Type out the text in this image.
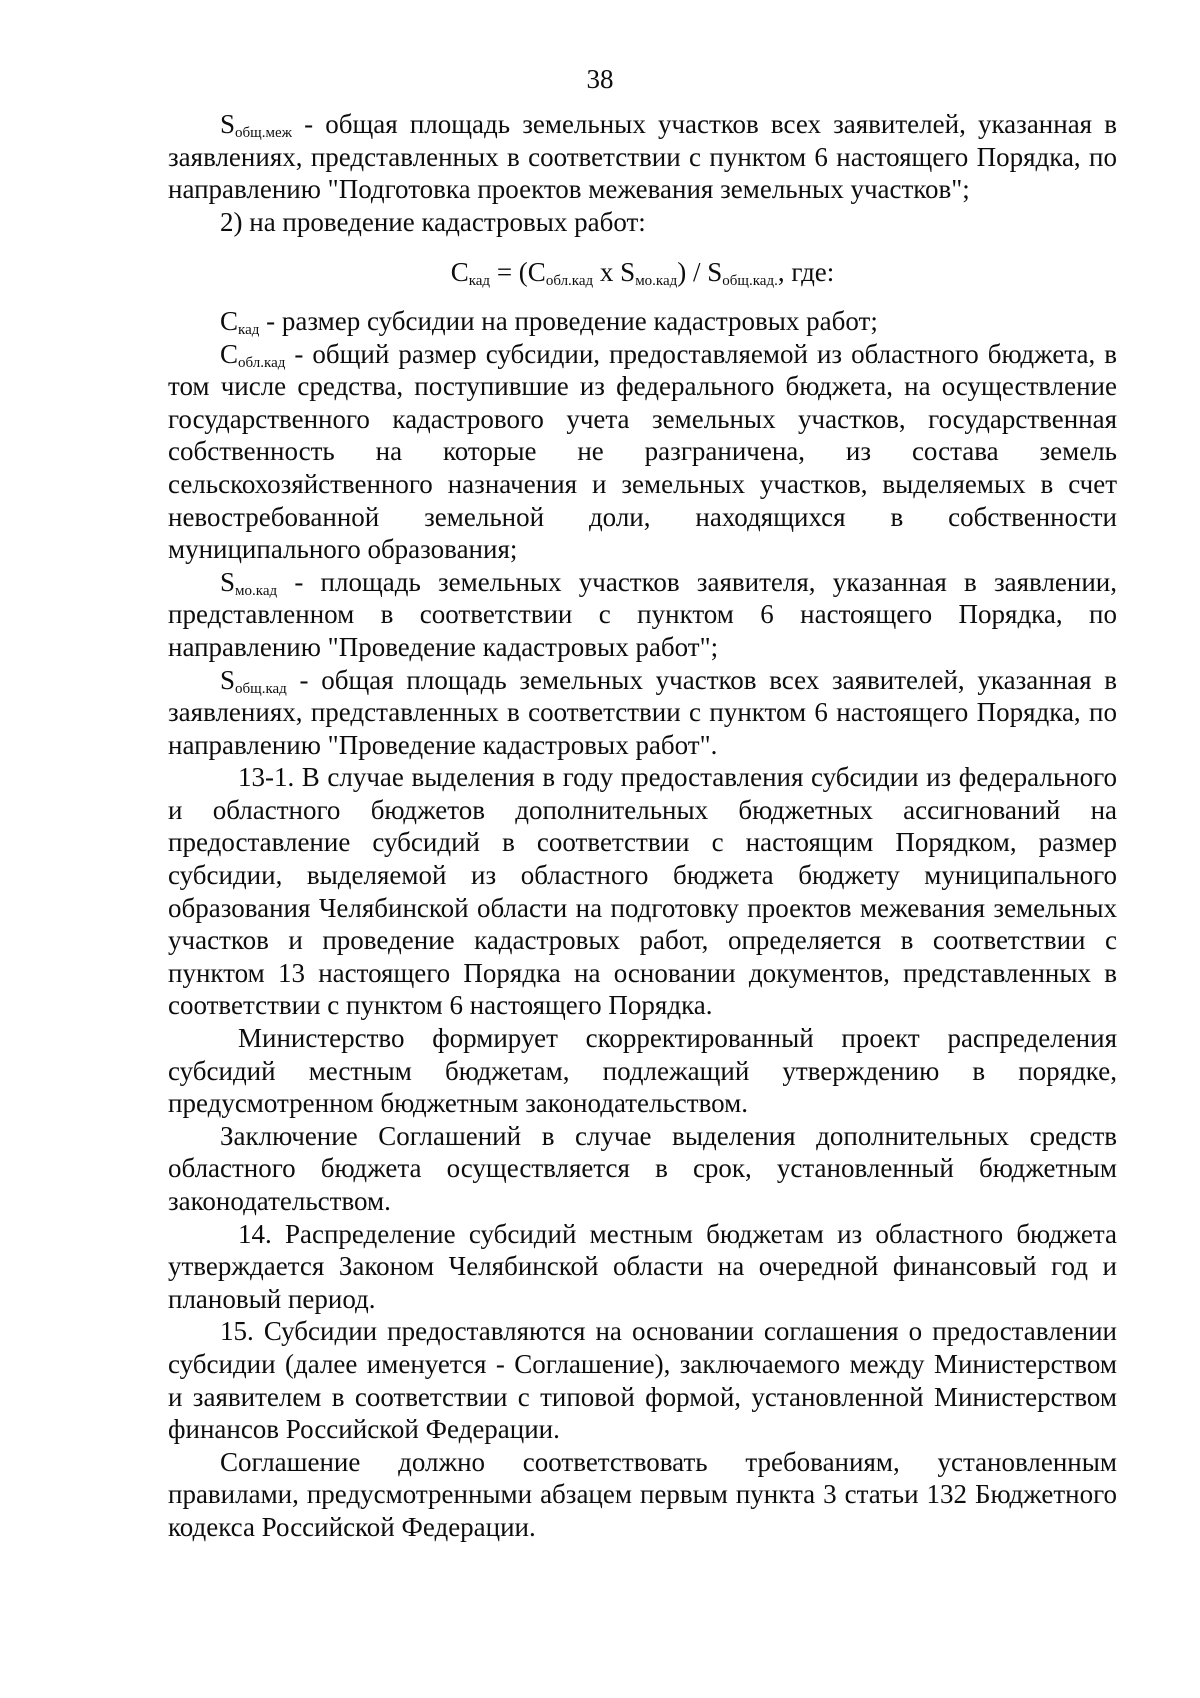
38

$S_{общ.меж}$ - общая площадь земельных участков всех заявителей, указанная в заявлениях, представленных в соответствии с пунктом 6 настоящего Порядка, по направлению "Подготовка проектов межевания земельных участков";

2) на проведение кадастровых работ:

$С_{кад} = (С_{обл.кад}$ х $S_{мо.кад}) / S_{общ.кад.}$, где:

$С_{кад}$ - размер субсидии на проведение кадастровых работ;

$С_{обл.кад}$ - общий размер субсидии, предоставляемой из областного бюджета, в том числе средства, поступившие из федерального бюджета, на осуществление государственного кадастрового учета земельных участков, государственная собственность на которые не разграничена, из состава земель сельскохозяйственного назначения и земельных участков, выделяемых в счет невостребованной земельной доли, находящихся в собственности муниципального образования;

$S_{мо.кад}$ - площадь земельных участков заявителя, указанная в заявлении, представленном в соответствии с пунктом 6 настоящего Порядка, по направлению "Проведение кадастровых работ";

$S_{общ.кад}$ - общая площадь земельных участков всех заявителей, указанная в заявлениях, представленных в соответствии с пунктом 6 настоящего Порядка, по направлению "Проведение кадастровых работ".

13-1. В случае выделения в году предоставления субсидии из федерального и областного бюджетов дополнительных бюджетных ассигнований на предоставление субсидий в соответствии с настоящим Порядком, размер субсидии, выделяемой из областного бюджета бюджету муниципального образования Челябинской области на подготовку проектов межевания земельных участков и проведение кадастровых работ, определяется в соответствии с пунктом 13 настоящего Порядка на основании документов, представленных в соответствии с пунктом 6 настоящего Порядка.

Министерство формирует скорректированный проект распределения субсидий местным бюджетам, подлежащий утверждению в порядке, предусмотренном бюджетным законодательством.

Заключение Соглашений в случае выделения дополнительных средств областного бюджета осуществляется в срок, установленный бюджетным законодательством.

14. Распределение субсидий местным бюджетам из областного бюджета утверждается Законом Челябинской области на очередной финансовый год и плановый период.

15. Субсидии предоставляются на основании соглашения о предоставлении субсидии (далее именуется - Соглашение), заключаемого между Министерством и заявителем в соответствии с типовой формой, установленной Министерством финансов Российской Федерации.

Соглашение должно соответствовать требованиям, установленным правилами, предусмотренными абзацем первым пункта 3 статьи 132 Бюджетного кодекса Российской Федерации.
